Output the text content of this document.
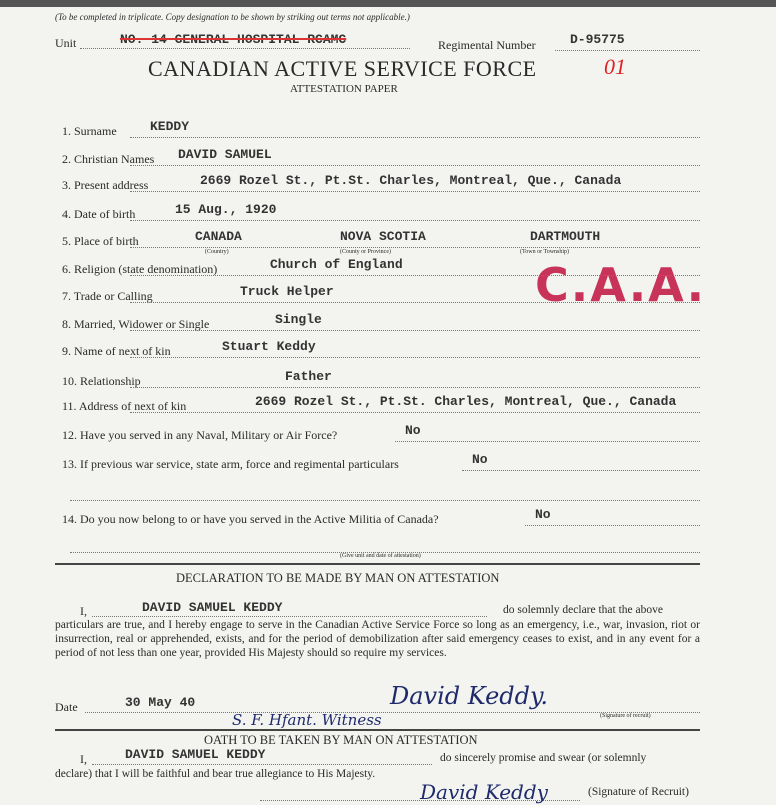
(To be completed in triplicate. Copy designation to be shown by striking out terms not applicable.)
Unit	NO. 14 GENERAL HOSPITAL RCAMC	Regimental Number	D-95775
CANADIAN ACTIVE SERVICE FORCE	01
ATTESTATION PAPER
C.A.A.
1. Surname	KEDDY
2. Christian Names DAVID SAMUEL
3. Present address	2669 Rozel St., Pt.St. Charles, Montreal, Que., Canada
4. Date of birth	15 Aug., 1920
5. Place of birth	CANADA	NOVA SCOTIA	DARTMOUTH
(Country)	(County or Province)	(Town or Township)
6. Religion (state denomination)	Church of England
7. Trade or Calling	Truck Helper
8. Married, Widower or Single	Single
9. Name of next of kin	Stuart Keddy
10. Relationship	Father
11. Address of next of kin	2669 Rozel St., Pt.St. Charles, Montreal, Que., Canada
12. Have you served in any Naval, Military or Air Force?	No
13. If previous war service, state arm, force and regimental particulars	No
14. Do you now belong to or have you served in the Active Militia of Canada?	No
(Give unit and date of attestation)
DECLARATION TO BE MADE BY MAN ON ATTESTATION
I,	DAVID SAMUEL KEDDY	do solemnly declare that the above
particulars are true, and I hereby engage to serve in the Canadian Active Service Force so long as an emergency, i.e., war, invasion, riot or insurrection, real or apprehended, exists, and for the period of demobilization after said emergency ceases to exist, and in any event for a period of not less than one year, provided His Majesty should so require my services.
Date	30 May 40	David Keddy.
S. F. Hfant. Witness	(Signature of recruit)
OATH TO BE TAKEN BY MAN ON ATTESTATION
I,	DAVID SAMUEL KEDDY	do sincerely promise and swear (or solemnly
declare) that I will be faithful and bear true allegiance to His Majesty.
David Keddy	(Signature of Recruit)
